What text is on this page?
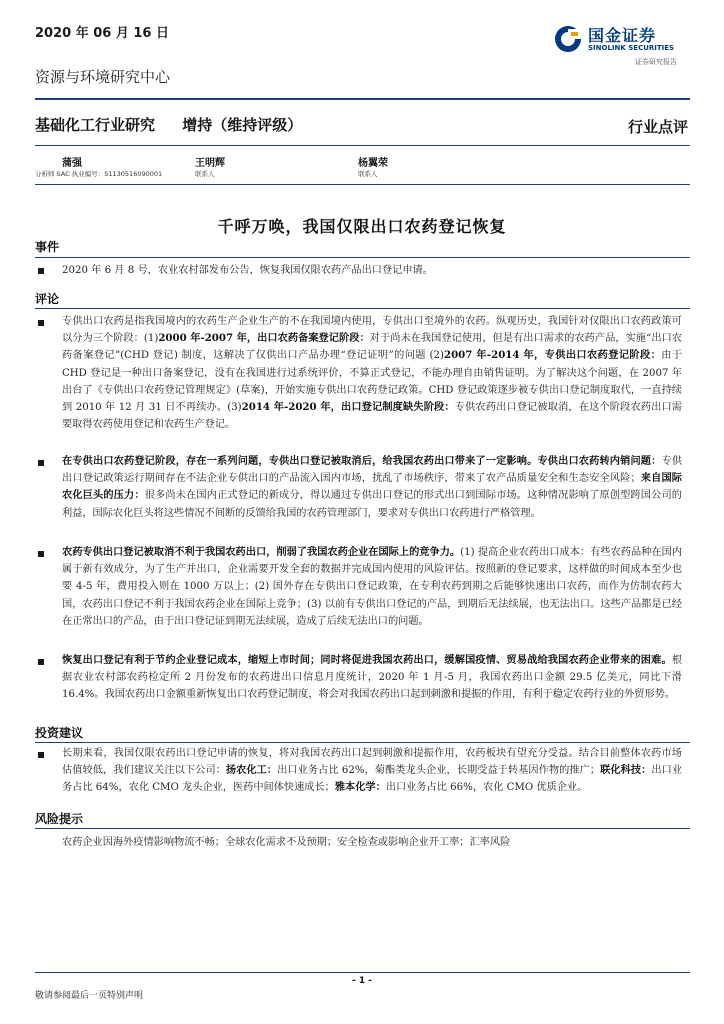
2020 年 06 月 16 日	国金证券
SINOLINK SECURITIES
证券研究报告
资源与环境研究中心
基础化工行业研究 增持（维持评级）	行业点评
蒲强
分析师 SAC 执业编号：S1130516090001
王明辉
联系人
杨翼荣
联系人
千呼万唤，我国仅限出口农药登记恢复
事件
2020 年 6 月 8 号，农业农村部发布公告，恢复我国仅限农药产品出口登记申请。
评论
专供出口农药是指我国境内的农药生产企业生产的不在我国境内使用，专供出口至境外的农药。纵观历史，我国针对仅限出口农药政策可以分为三个阶段：(1)2000 年-2007 年，出口农药备案登记阶段：对于尚未在我国登记使用，但是有出口需求的农药产品，实施“出口农药备案登记”(CHD 登记) 制度，这解决了仅供出口产品办理“登记证明”的问题 (2)2007 年-2014 年，专供出口农药登记阶段：由于 CHD 登记是一种出口备案登记，没有在我国进行过系统评价，不算正式登记，不能办理自由销售证明。为了解决这个问题，在 2007 年出台了《专供出口农药登记管理规定》(草案)，开始实施专供出口农药登记政策。CHD 登记政策逐步被专供出口登记制度取代，一直持续到 2010 年 12 月 31 日不再续办。(3)2014 年-2020 年，出口登记制度缺失阶段：专供农药出口登记被取消，在这个阶段农药出口需要取得农药使用登记和农药生产登记。
在专供出口农药登记阶段，存在一系列问题，专供出口登记被取消后，给我国农药出口带来了一定影响。专供出口农药转内销问题：专供出口登记政策运行期间存在不法企业专供出口的产品流入国内市场，扰乱了市场秩序，带来了农产品质量安全和生态安全风险；来自国际农化巨头的压力：很多尚未在国内正式登记的新成分，得以通过专供出口登记的形式出口到国际市场。这种情况影响了原创型跨国公司的利益，国际农化巨头将这些情况不间断的反馈给我国的农药管理部门，要求对专供出口农药进行严格管理。
农药专供出口登记被取消不利于我国农药出口，削弱了我国农药企业在国际上的竞争力。(1) 提高企业农药出口成本：有些农药品种在国内属于新有效成分，为了生产并出口，企业需要开发全套的数据并完成国内使用的风险评估。按照新的登记要求，这样做的时间成本至少也要 4-5 年，费用投入则在 1000 万以上；(2) 国外存在专供出口登记政策，在专利农药到期之后能够快速出口农药，而作为仿制农药大国，农药出口登记不利于我国农药企业在国际上竞争；(3) 以前有专供出口登记的产品，到期后无法续展，也无法出口。这些产品都是已经在正常出口的产品，由于出口登记证到期无法续展，造成了后续无法出口的问题。
恢复出口登记有利于节约企业登记成本，缩短上市时间；同时将促进我国农药出口，缓解国疫情、贸易战给我国农药企业带来的困难。根据农业农村部农药检定所 2 月份发布的农药进出口信息月度统计，2020 年 1 月-5 月，我国农药出口金额 29.5 亿美元，同比下滑 16.4%。我国农药出口金额重新恢复出口农药登记制度，将会对我国农药出口起到刺激和提振的作用，有利于稳定农药行业的外贸形势。
投资建议
长期来看，我国仅限农药出口登记申请的恢复，将对我国农药出口起到刺激和提振作用，农药板块有望充分受益。结合目前整体农药市场估值较低，我们建议关注以下公司：扬农化工：出口业务占比 62%，菊酯类龙头企业，长期受益于转基因作物的推广；联化科技：出口业务占比 64%，农化 CMO 龙头企业，医药中间体快速成长；雅本化学：出口业务占比 66%，农化 CMO 优质企业。
风险提示
农药企业因海外疫情影响物流不畅；全球农化需求不及预期；安全检查或影响企业开工率；汇率风险
- 1 -
敬请参阅最后一页特别声明
